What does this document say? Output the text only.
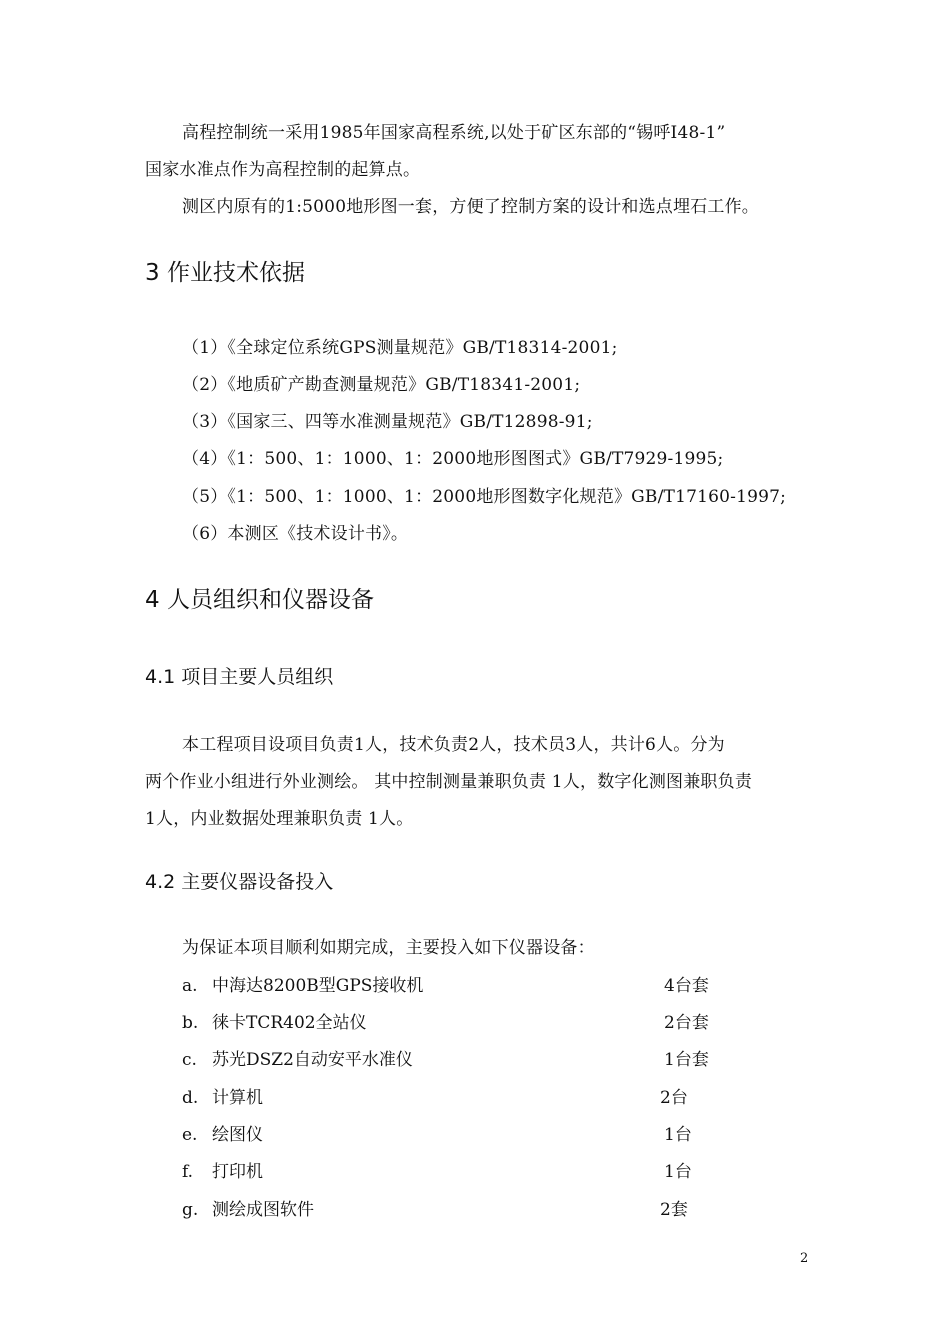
高程控制统一采用1985年国家高程系统,以处于矿区东部的“锡呼Ⅰ48-1”
国家水准点作为高程控制的起算点。
测区内原有的1:5000地形图一套，方便了控制方案的设计和选点埋石工作。
3 作业技术依据
（1）《全球定位系统GPS测量规范》GB/T18314-2001;
（2）《地质矿产勘查测量规范》GB/T18341-2001;
（3）《国家三、四等水准测量规范》GB/T12898-91;
（4）《1：500、1：1000、1：2000地形图图式》GB/T7929-1995;
（5）《1：500、1：1000、1：2000地形图数字化规范》GB/T17160-1997;
（6）本测区《技术设计书》。
4 人员组织和仪器设备
4.1 项目主要人员组织
本工程项目设项目负责1人，技术负责2人，技术员3人，共计6人。分为
两个作业小组进行外业测绘。 其中控制测量兼职负责 1人，数字化测图兼职负责
1人，内业数据处理兼职负责 1人。
4.2 主要仪器设备投入
为保证本项目顺利如期完成，主要投入如下仪器设备：
a. 中海达8200B型GPS接收机	4台套
b. 徕卡TCR402全站仪	2台套
c. 苏光DSZ2自动安平水准仪	1台套
d. 计算机	2台
e. 绘图仪	1台
f. 打印机	1台
g. 测绘成图软件	2套
2
